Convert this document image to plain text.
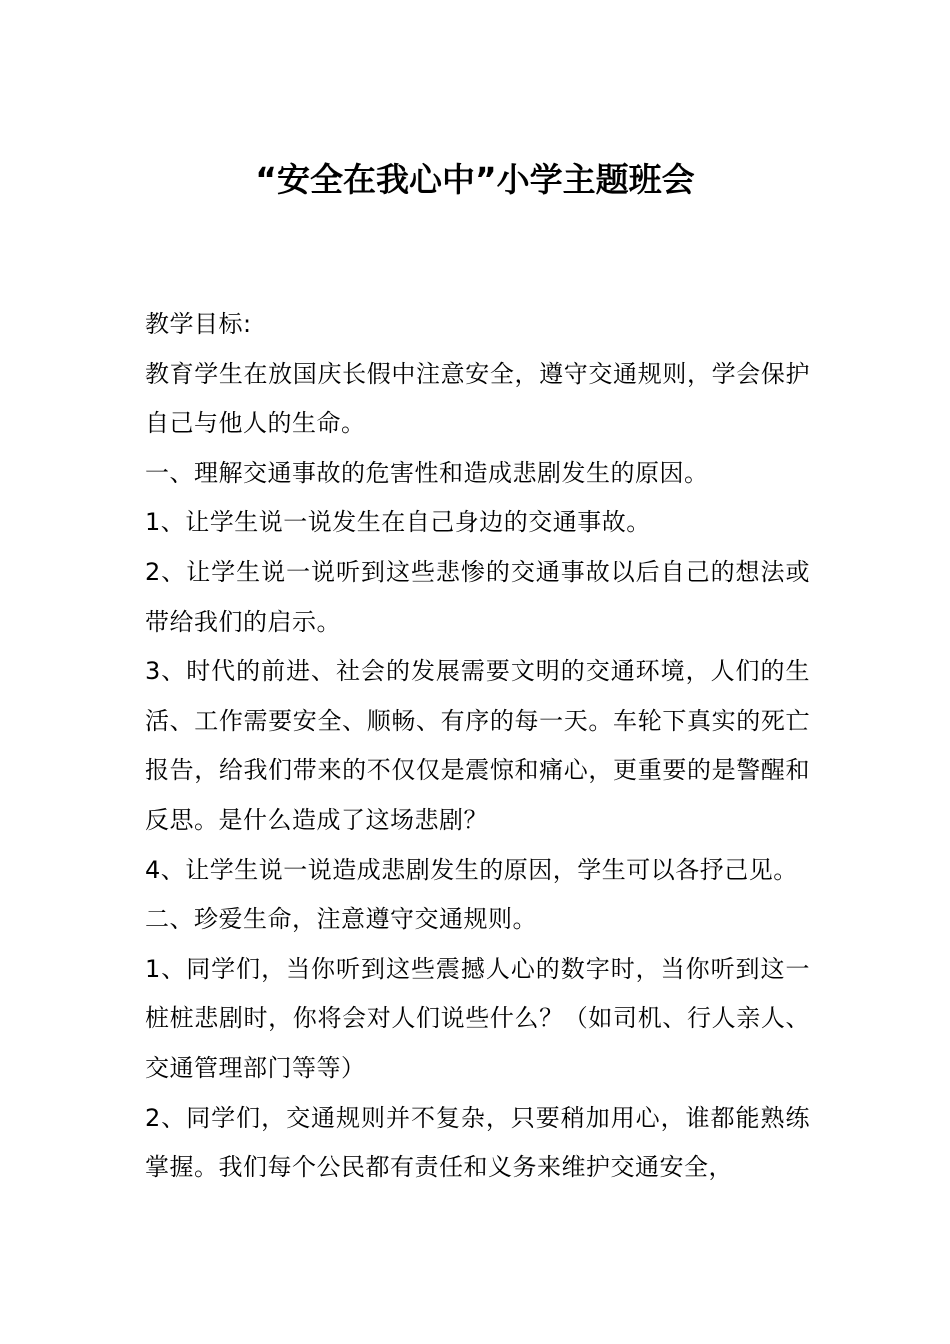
“安全在我心中”小学主题班会

教学目标:

教育学生在放国庆长假中注意安全，遵守交通规则，学会保护自己与他人的生命。

一、理解交通事故的危害性和造成悲剧发生的原因。

1、让学生说一说发生在自己身边的交通事故。

2、让学生说一说听到这些悲惨的交通事故以后自己的想法或带给我们的启示。

3、时代的前进、社会的发展需要文明的交通环境，人们的生活、工作需要安全、顺畅、有序的每一天。车轮下真实的死亡报告，给我们带来的不仅仅是震惊和痛心，更重要的是警醒和反思。是什么造成了这场悲剧？

4、让学生说一说造成悲剧发生的原因，学生可以各抒己见。

二、珍爱生命，注意遵守交通规则。

1、同学们，当你听到这些震撼人心的数字时，当你听到这一桩桩悲剧时，你将会对人们说些什么？（如司机、行人亲人、交通管理部门等等）

2、同学们，交通规则并不复杂，只要稍加用心，谁都能熟练掌握。我们每个公民都有责任和义务来维护交通安全，
